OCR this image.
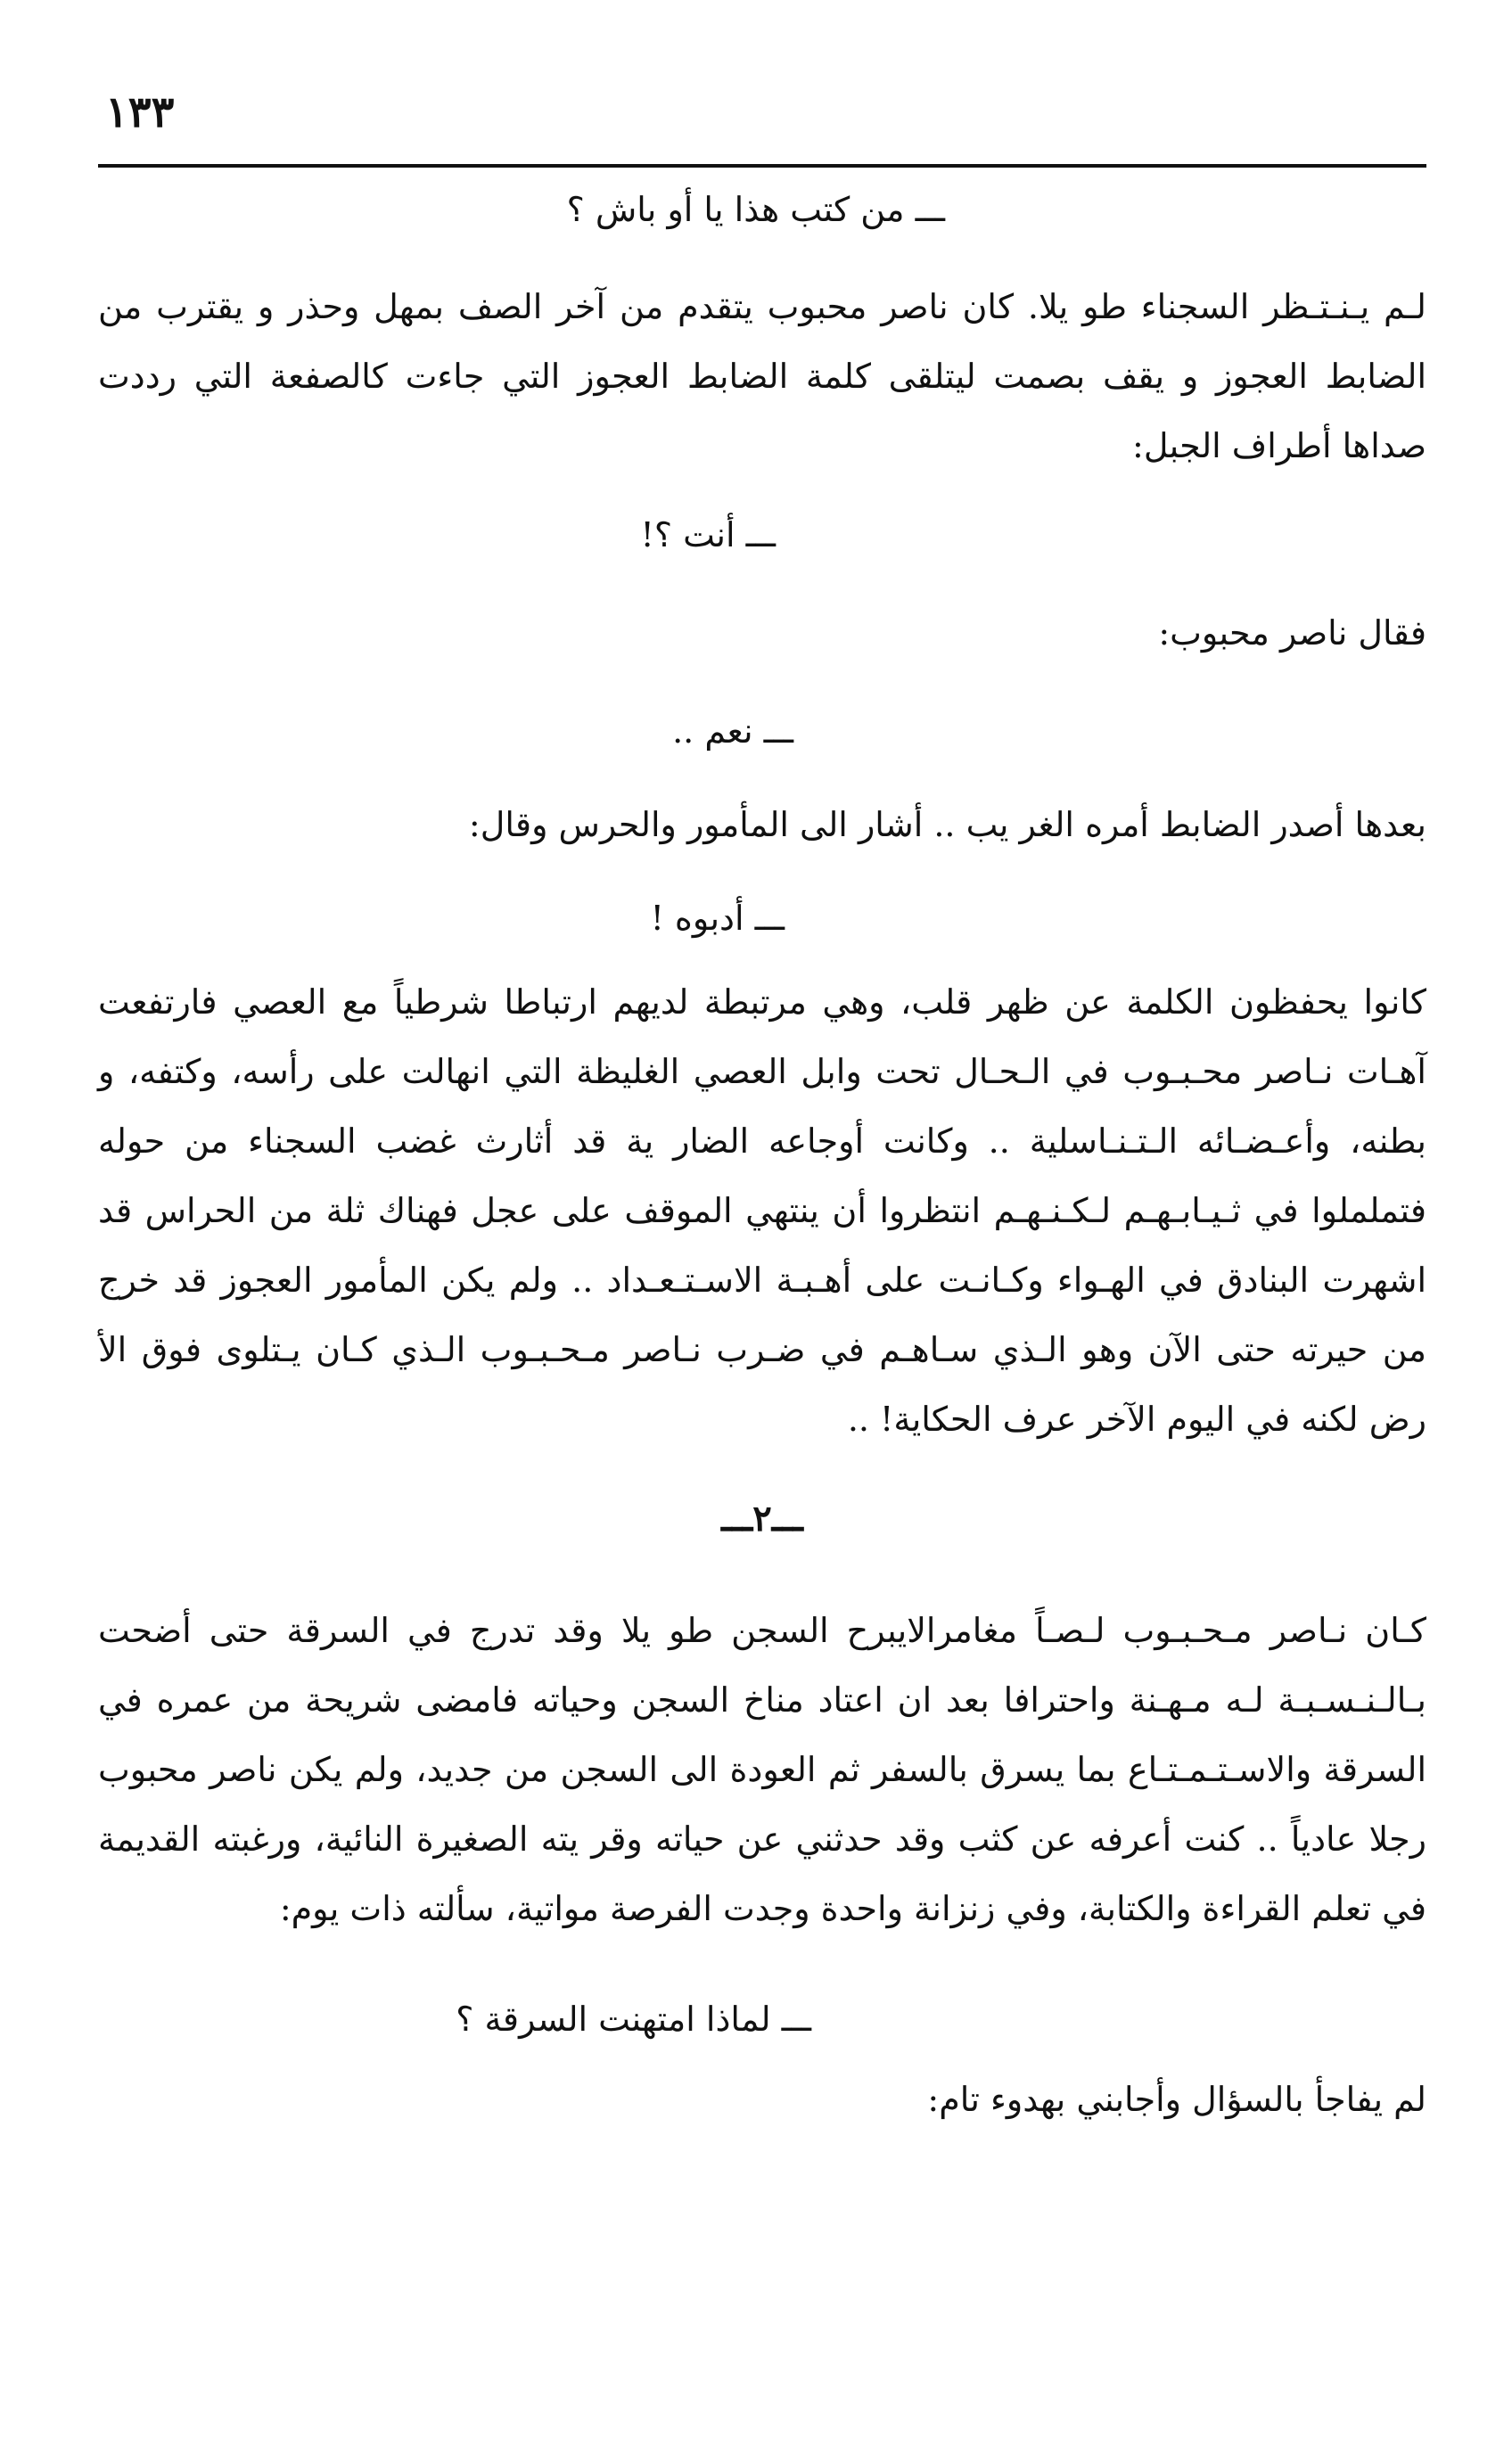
١٣٣

ـــ من كتب هذا يا أو باش ؟

لـم يـنـتـظر السجناء طو يلا. كان ناصر محبوب يتقدم من آخر الصف بمهل وحذر و يقترب من الضابط العجوز و يقف بصمت ليتلقى كلمة الضابط العجوز التي جاءت كالصفعة التي رددت صداها أطراف الجبل:

ـــ أنت ؟!

فقال ناصر محبوب:

ـــ نعم ..

بعدها أصدر الضابط أمره الغر يب .. أشار الى المأمور والحرس وقال:

ـــ أدبوه !

كانوا يحفظون الكلمة عن ظهر قلب، وهي مرتبطة لديهم ارتباطا شرطياً مع العصي فارتفعت آهـات نـاصر محـبـوب في الـحـال تحت وابل العصي الغليظة التي انهالت على رأسه، وكتفه، و بطنه، وأعـضـائه الـتـنـاسلية .. وكانت أوجاعه الضار ية قد أثارث غضب السجناء من حوله فتململوا في ثـيـابـهـم لـكـنـهـم انتظروا أن ينتهي الموقف على عجل فهناك ثلة من الحراس قد اشهرت البنادق في الهـواء وكـانـت على أهـبـة الاسـتـعـداد .. ولم يكن المأمور العجوز قد خرج من حيرته حتى الآن وهو الـذي سـاهـم في ضـرب نـاصر مـحـبـوب الـذي كـان يـتلوى فوق الأ رض لكنه في اليوم الآخر عرف الحكاية! ..

ـــ٢ـــ

كـان نـاصر مـحـبـوب لـصـاً مغامرالايبرح السجن طو يلا وقد تدرج في السرقة حتى أضحت بـالـنـسـبـة لـه مـهـنة واحترافا بعد ان اعتاد مناخ السجن وحياته فامضى شريحة من عمره في السرقة والاسـتـمـتـاع بما يسرق بالسفر ثم العودة الى السجن من جديد، ولم يكن ناصر محبوب رجلا عادياً .. كنت أعرفه عن كثب وقد حدثني عن حياته وقر يته الصغيرة النائية، ورغبته القديمة في تعلم القراءة والكتابة، وفي زنزانة واحدة وجدت الفرصة مواتية، سألته ذات يوم:

ـــ لماذا امتهنت السرقة ؟

لم يفاجأ بالسؤال وأجابني بهدوء تام:
